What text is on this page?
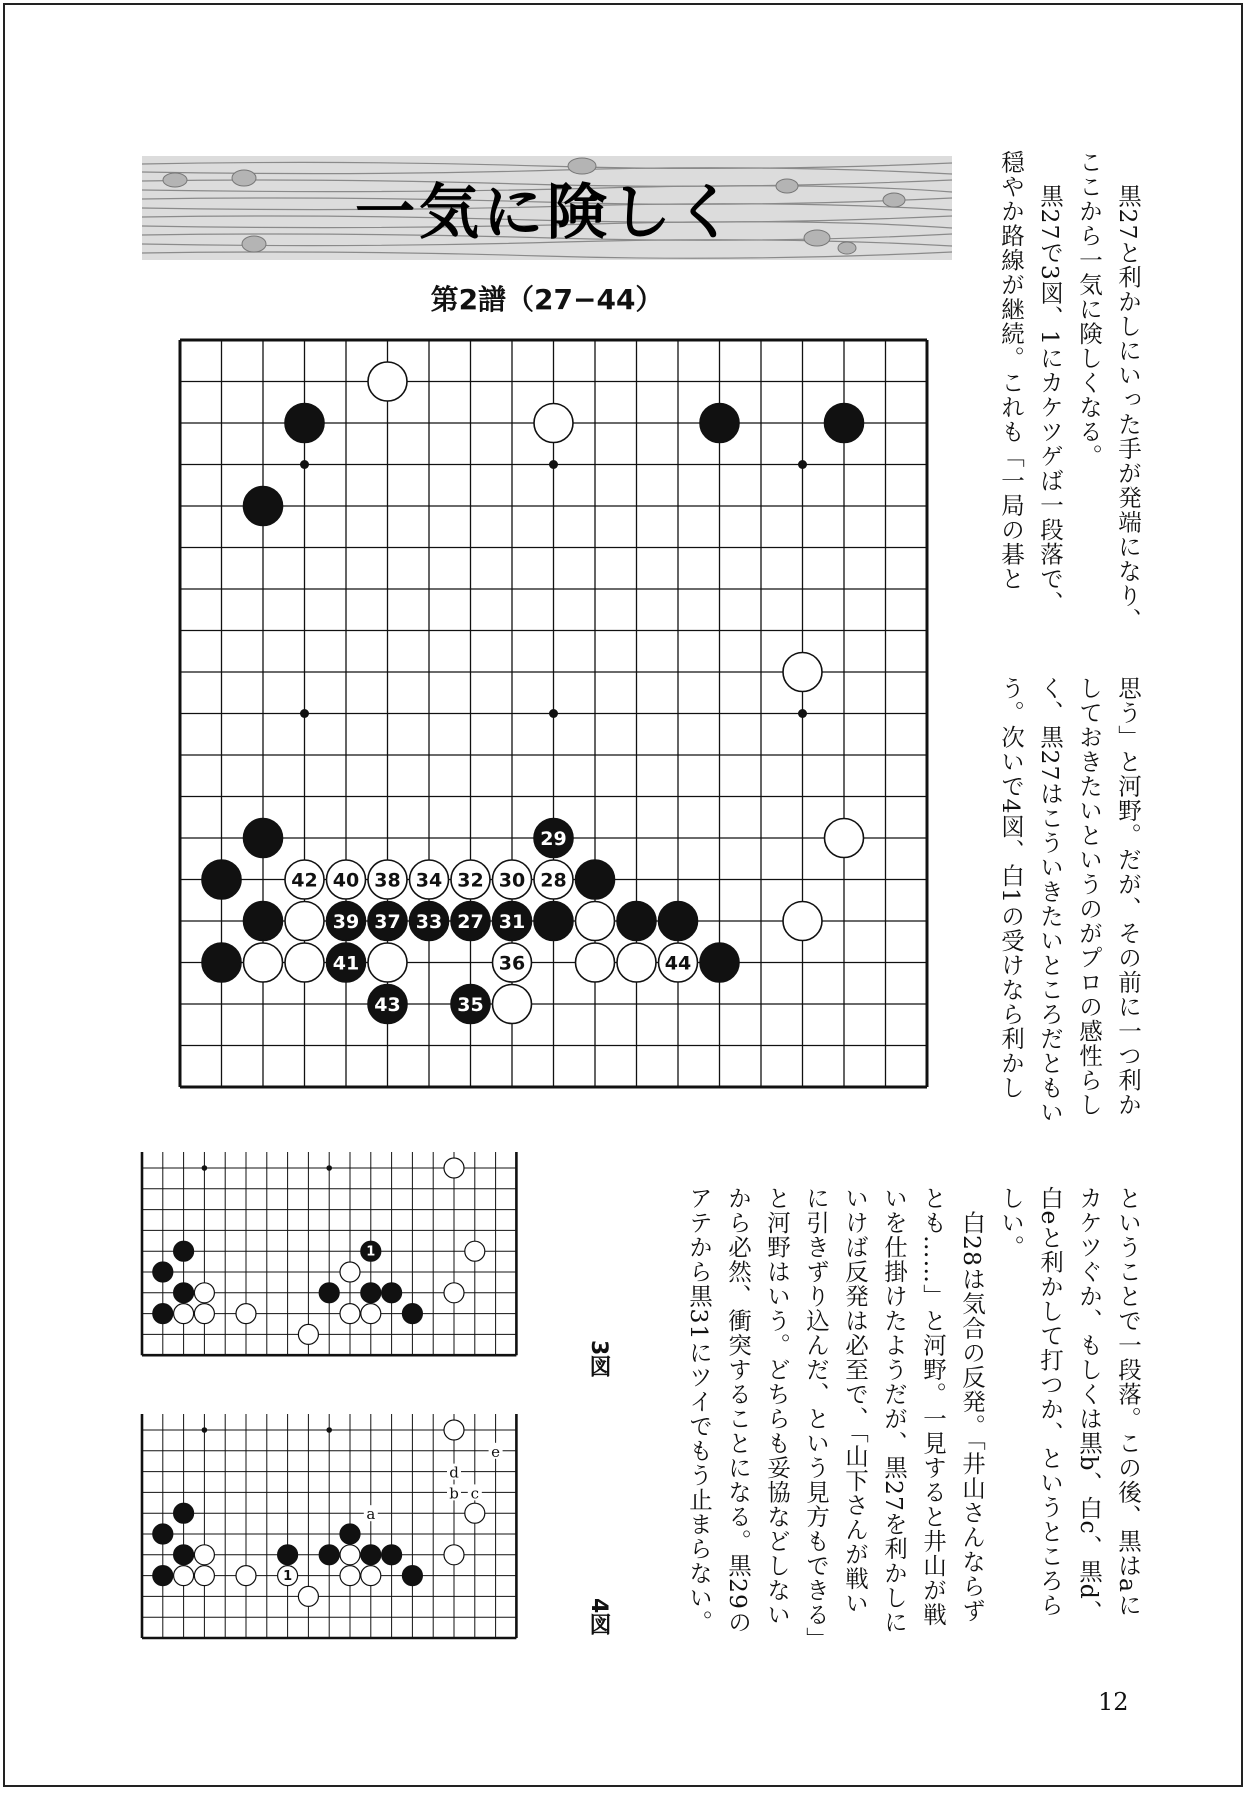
一気に険しく
第2譜（27−44）
29
42 40 38 34 32 30 28
39 37 33 27 31
41	36	44
43	35
1
3図
a
b c
d
e
1
4図
黒27と利かしにいった手が発端になり、
ここから一気に険しくなる。
黒27で3図、1にカケツゲば一段落で、
穏やか路線が継続。これも「一局の碁と
思う」と河野。だが、その前に一つ利か
しておきたいというのがプロの感性らし
く、黒27はこういきたいところだともい
う。次いで4図、白1の受けなら利かし
ということで一段落。この後、黒はaに
カケツぐか、もしくは黒b、白c、黒d、
白eと利かして打つか、というところら
しい。
　白28は気合の反発。「井山さんならず
とも……」と河野。一見すると井山が戦
いを仕掛けたようだが、黒27を利かしに
いけば反発は必至で、「山下さんが戦い
に引きずり込んだ、という見方もできる」
と河野はいう。どちらも妥協などしない
から必然、衝突することになる。黒29の
アテから黒31にツイでもう止まらない。
12
